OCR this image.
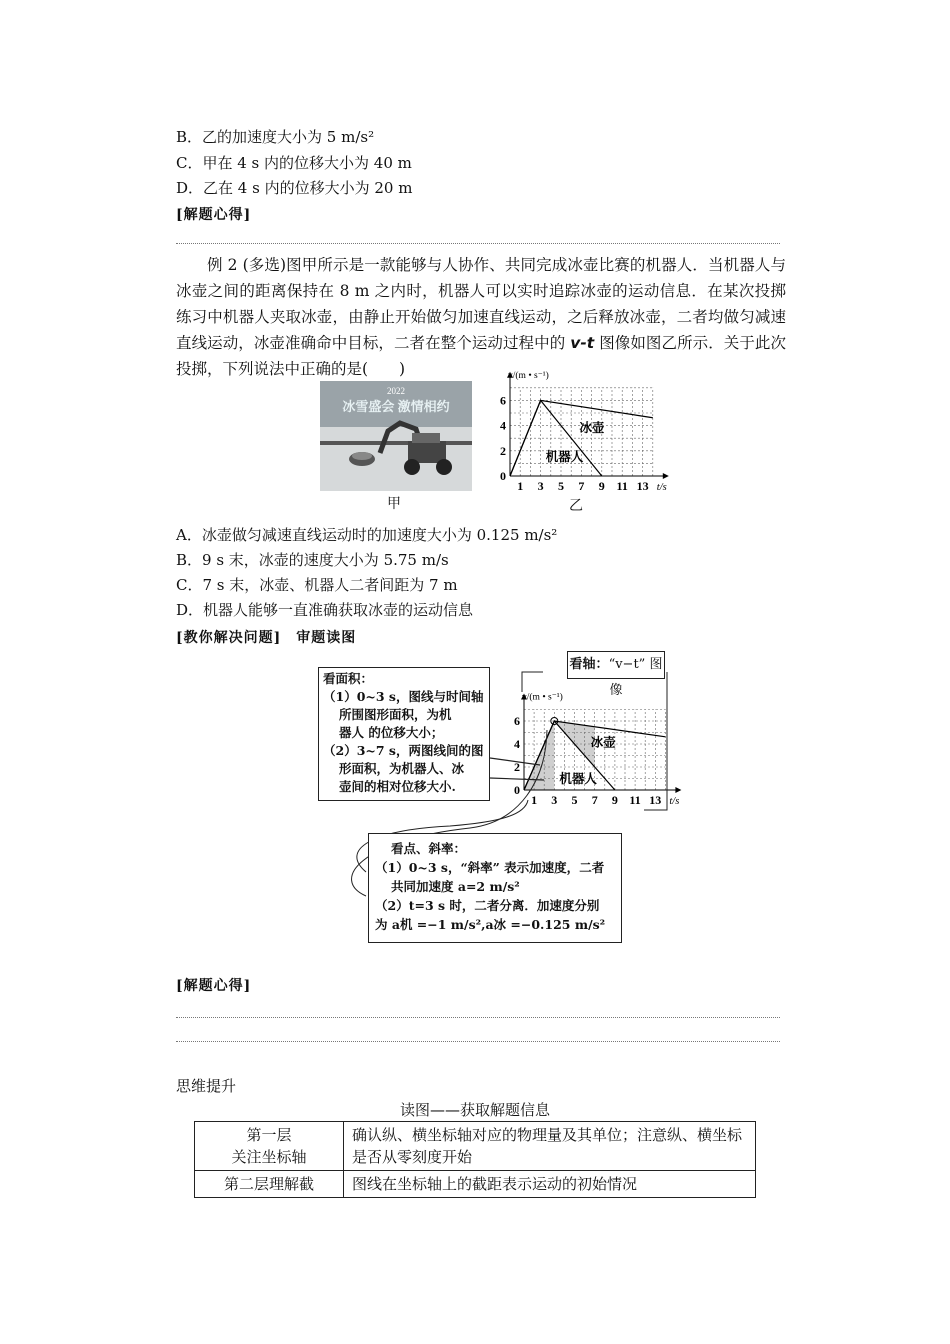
B．乙的加速度大小为 5 m/s²
C．甲在 4 s 内的位移大小为 40 m
D．乙在 4 s 内的位移大小为 20 m
[解题心得]
例 2 (多选)图甲所示是一款能够与人协作、共同完成冰壶比赛的机器人．当机器人与冰壶之间的距离保持在 8 m 之内时，机器人可以实时追踪冰壶的运动信息．在某次投掷练习中机器人夹取冰壶，由静止开始做匀加速直线运动，之后释放冰壶，二者均做匀减速直线运动，冰壶准确命中目标，二者在整个运动过程中的 v-t 图像如图乙所示．关于此次投掷，下列说法中正确的是(　　)
2022
冰雪盛会 激情相约
甲
1 3 5 7 9 11 13
0
2
4
6
v/(m • s⁻¹)
t/s
冰壶
机器人
乙
A．冰壶做匀减速直线运动时的加速度大小为 0.125 m/s²
B．9 s 末，冰壶的速度大小为 5.75 m/s
C．7 s 末，冰壶、机器人二者间距为 7 m
D．机器人能够一直准确获取冰壶的运动信息
[教你解决问题]　审题读图
1 3 5 7 9 11 13
0
2
4
6
v/(m • s⁻¹)
t/s
冰壶
机器人
看轴：“v−t” 图像
看面积：
（1）0~3 s，图线与时间轴
所围图形面积，为机
器人 的位移大小；
（2）3~7 s，两图线间的图
形面积，为机器人、冰
壶间的相对位移大小.
看点、斜率：
（1）0~3 s，“斜率” 表示加速度，二者
共同加速度 a=2 m/s²
（2）t=3 s 时，二者分离．加速度分别
为 a机 =−1 m/s²,a冰 =−0.125 m/s²
[解题心得]
思维提升
读图——获取解题信息
第一层
关注坐标轴	确认纵、横坐标轴对应的物理量及其单位；注意纵、横坐标是否从零刻度开始
第二层理解截	图线在坐标轴上的截距表示运动的初始情况
